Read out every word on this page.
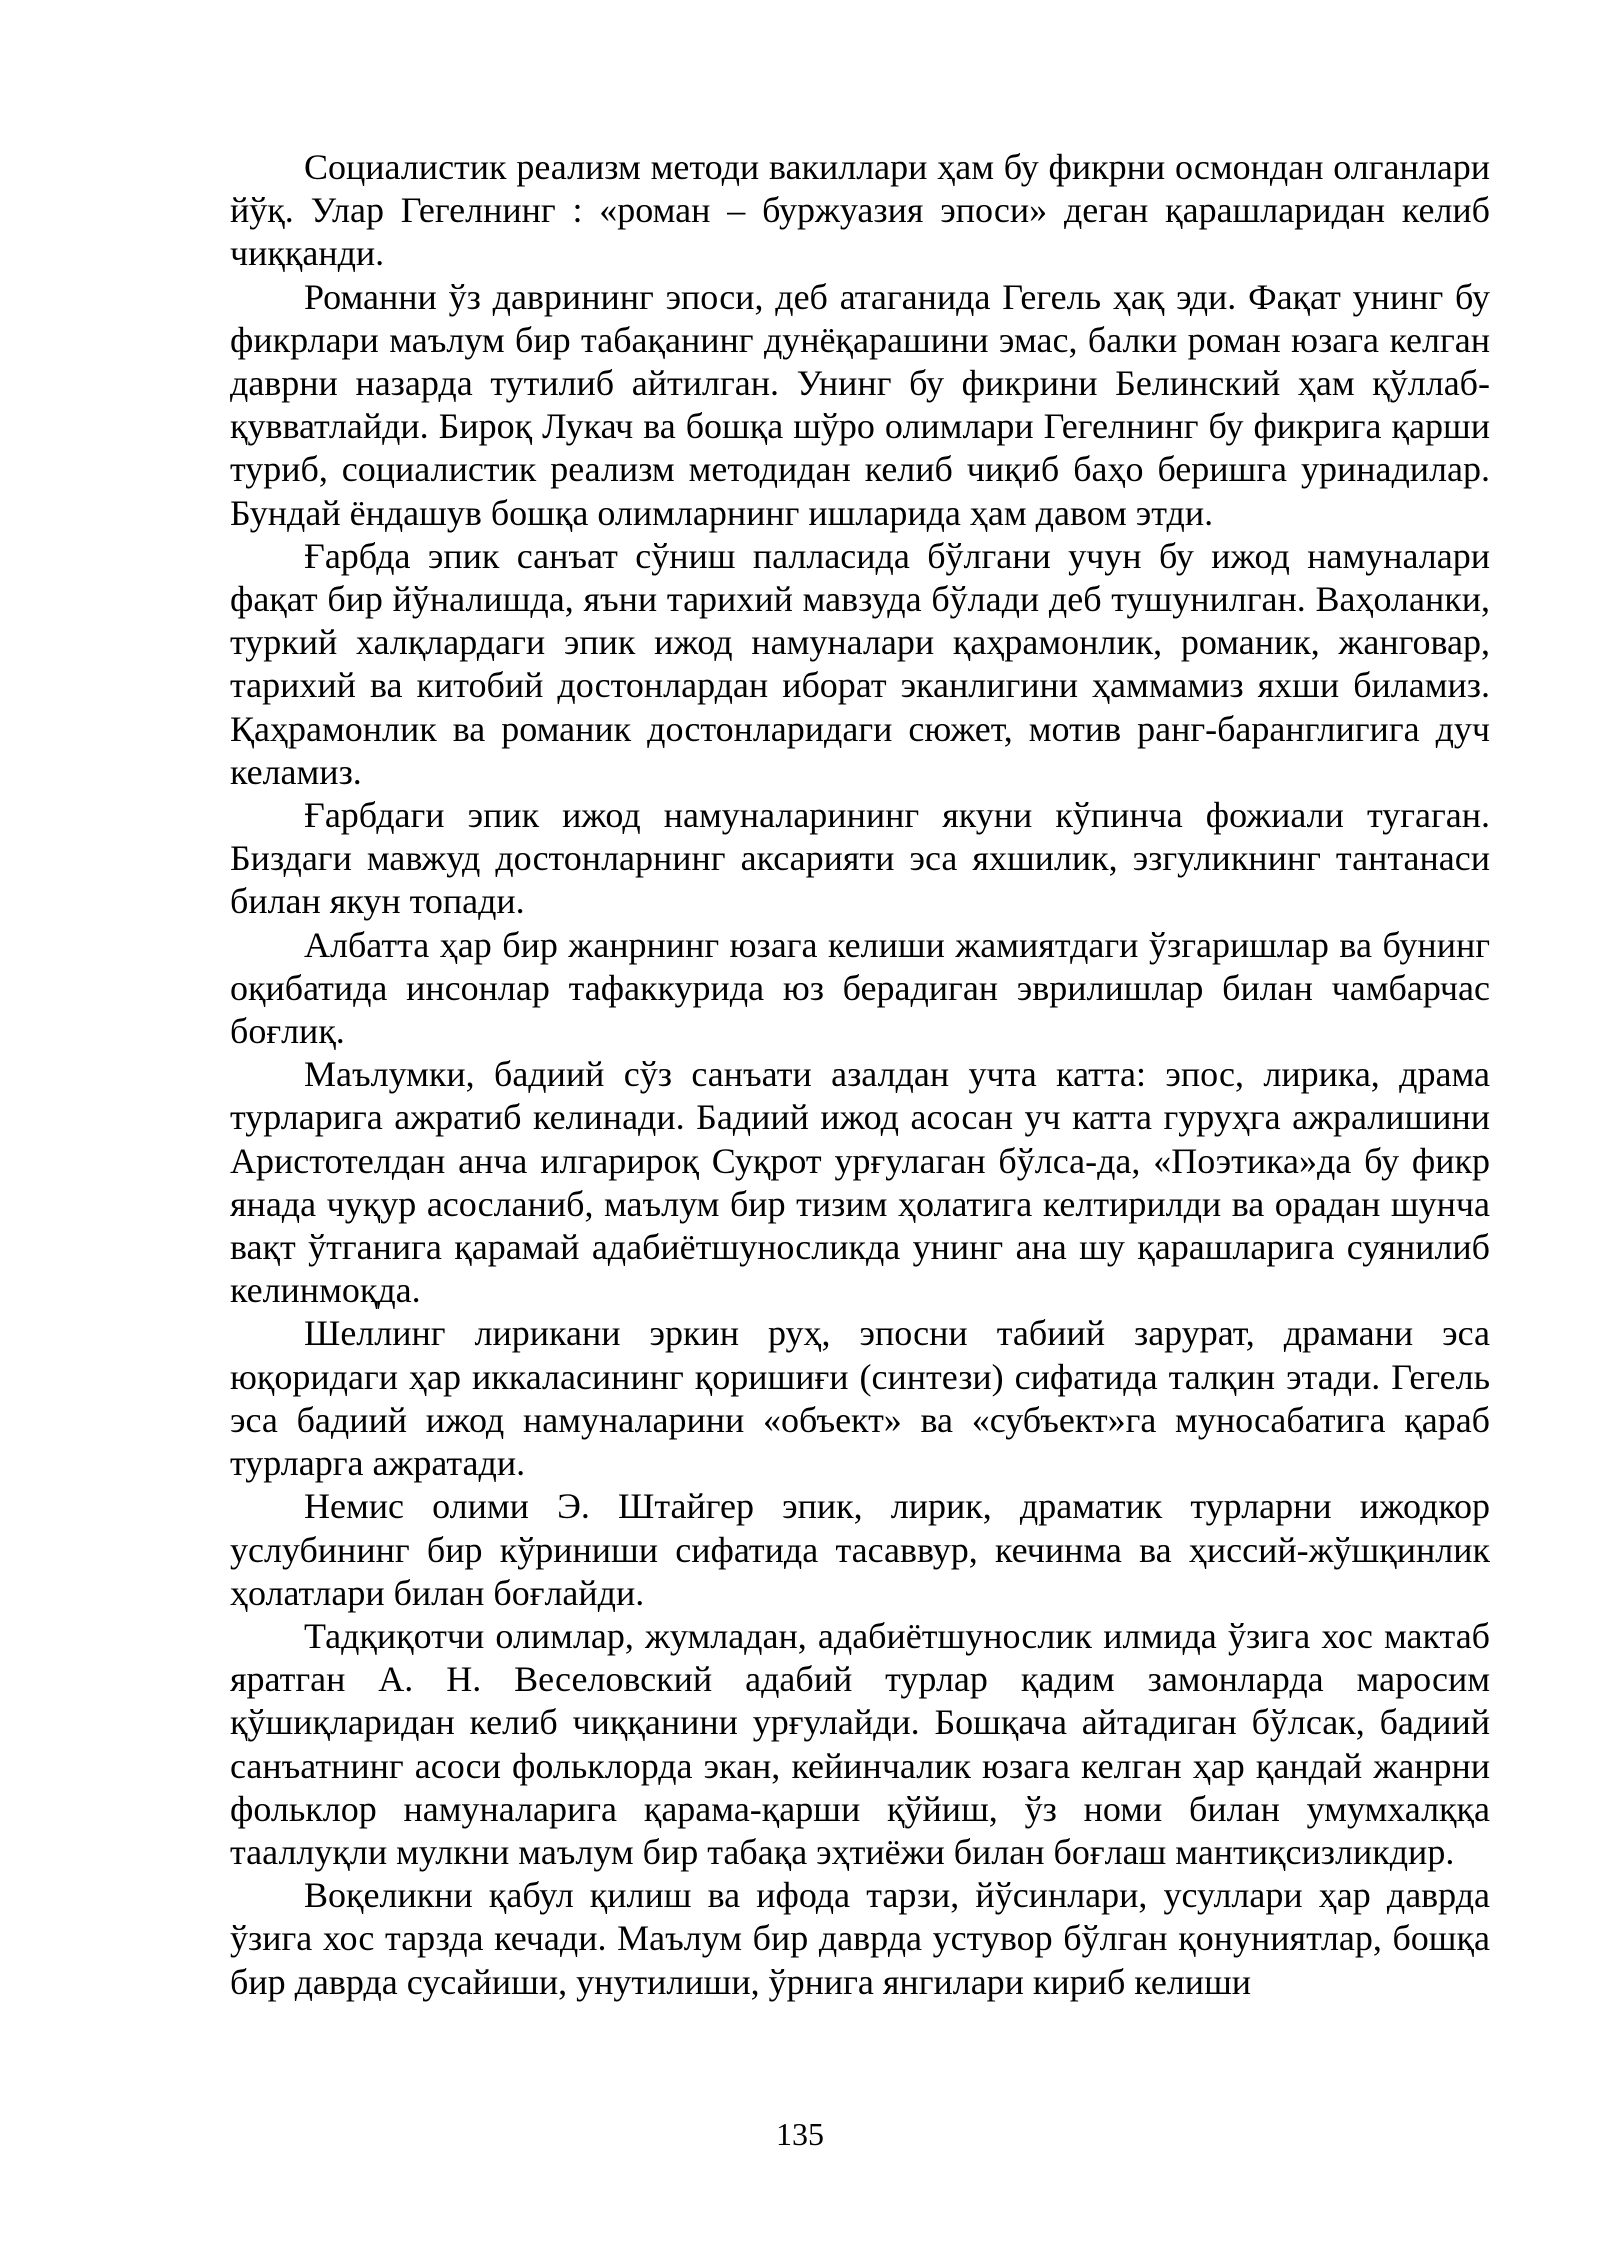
Социалистик реализм методи вакиллари ҳам бу фикрни осмондан олганлари йўқ. Улар Гегелнинг : «роман – буржуазия эпоси» деган қарашларидан келиб чиққанди.

Романни ўз даврининг эпоси, деб атаганида Гегель ҳақ эди. Фақат унинг бу фикрлари маълум бир табақанинг дунёқарашини эмас, балки роман юзага келган даврни назарда тутилиб айтилган. Унинг бу фикрини Белинский ҳам қўллаб-қувватлайди. Бироқ Лукач ва бошқа шўро олимлари Гегелнинг бу фикрига қарши туриб, социалистик реализм методидан келиб чиқиб баҳо беришга уринадилар. Бундай ёндашув бошқа олимларнинг ишларида ҳам давом этди.

Ғарбда эпик санъат сўниш палласида бўлгани учун бу ижод намуналари фақат бир йўналишда, яъни тарихий мавзуда бўлади деб тушунилган. Ваҳоланки, туркий халқлардаги эпик ижод намуналари қаҳрамонлик, романик, жанговар, тарихий ва китобий достонлардан иборат эканлигини ҳаммамиз яхши биламиз. Қаҳрамонлик ва романик достонларидаги сюжет, мотив ранг-баранглигига дуч келамиз.

Ғарбдаги эпик ижод намуналарининг якуни кўпинча фожиали тугаган. Биздаги мавжуд достонларнинг аксарияти эса яхшилик, эзгуликнинг тантанаси билан якун топади.

Албатта ҳар бир жанрнинг юзага келиши жамиятдаги ўзгаришлар ва бунинг оқибатида инсонлар тафаккурида юз берадиган эврилишлар билан чамбарчас боғлиқ.

Маълумки, бадиий сўз санъати азалдан учта катта: эпос, лирика, драма турларига ажратиб келинади. Бадиий ижод асосан уч катта гуруҳга ажралишини Аристотелдан анча илгарироқ Суқрот урғулаган бўлса-да, «Поэтика»да бу фикр янада чуқур асосланиб, маълум бир тизим ҳолатига келтирилди ва орадан шунча вақт ўтганига қарамай адабиётшуносликда унинг ана шу қарашларига суянилиб келинмоқда.

Шеллинг лирикани эркин руҳ, эпосни табиий зарурат, драмани эса юқоридаги ҳар иккаласининг қоришиғи (синтези) сифатида талқин этади. Гегель эса бадиий ижод намуналарини «объект» ва «субъект»га муносабатига қараб турларга ажратади.

Немис олими Э. Штайгер эпик, лирик, драматик турларни ижодкор услубининг бир кўриниши сифатида тасаввур, кечинма ва ҳиссий-жўшқинлик ҳолатлари билан боғлайди.

Тадқиқотчи олимлар, жумладан, адабиётшунослик илмида ўзига хос мактаб яратган А. Н. Веселовский адабий турлар қадим замонларда маросим қўшиқларидан келиб чиққанини урғулайди. Бошқача айтадиган бўлсак, бадиий санъатнинг асоси фольклорда экан, кейинчалик юзага келган ҳар қандай жанрни фольклор намуналарига қарама-қарши қўйиш, ўз номи билан умумхалққа тааллуқли мулкни маълум бир табақа эҳтиёжи билан боғлаш мантиқсизликдир.

Воқеликни қабул қилиш ва ифода тарзи, йўсинлари, усуллари ҳар даврда ўзига хос тарзда кечади. Маълум бир даврда устувор бўлган қонуниятлар, бошқа бир даврда сусайиши, унутилиши, ўрнига янгилари кириб келиши

135
